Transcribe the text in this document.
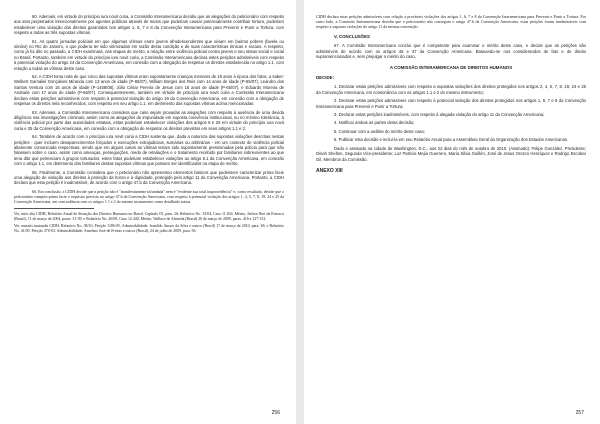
60. Ademais, em virtude do princípio iura novit curia, a Comissão Interamericana decidiu que as alegações do peticionário com respeito aos atos perpetrados intencionalmente por agentes públicos através de meios que poderiam causar potencialmente contribuir tortura, poderiam estabelecer uma violação dos direitos garantidos nos artigos 1, 6, 7 e 8 da Convenção Interamericana para Prevenir e Punir a Tortura, com respeito a todas as três supostas vítimas.

61. As quatro jornadas policiais em que algumas vítimas eram jovens afrodescendentes que viviam em bairros pobres (favela ou similar) no Rio de Janeiro, o que poderia ter sido vitimizadas em razão desta condição e de suas características étnicas e sociais. A respeito, como já foi dito no passado, a CIDH examinará, nas etapas de mérito, a relação entre violência policial contra jovens e seu status social e racial no Brasil. Portanto, também em virtude do princípio iura novit curia, a Comissão Interamericana declara estes petições admissíveis com respeito à potencial violação do artigo 24 da Convenção Americana, em conexão com a obrigação de respeitar os direitos estabelecida no artigo 1.1, com relação a todas as vítimas deste caso.

62. A CIDH toma nota de que cinco das supostas vítimas eram supostamente crianças menores de 18 anos à época dos fatos, a saber: Welbert Gamaliel Gonçalves Miranda com 13 anos de idade (P-65/07), William Borges dos Reis com 14 anos de idade (P-65/07), Leandro dos Santos Ventura com 15 anos de idade (P-1458/08), Júlio César Pereira de Jesus com 16 anos de idade (P-65/07), e Eduardo Moreira de Andrade com 17 anos de idade (P-66/07). Consequentemente, também em virtude do princípio iura novit curia a Comissão Interamericana declara estas petições admissíveis com respeito à potencial violação do artigo 19 da Convenção Americana, em conexão com a obrigação de respeitar os direitos nela reconhecidos, com respeito em seu artigo 1.1, em detrimento das supostas vítimas acima mencionadas.

63. Ademais, a Comissão Interamericana considera que caso sejam provadas as alegações com respeito à ausência de uma devida diligência nas investigações criminais, assim como as alegações de impunidade em suposta conivência institucional, ou no mínimo tolerância, à violência policial por parte das autoridades estatais, estas poderiam estabelecer violações dos artigos 8 e 25 em virtude do princípio iura novit curia e 25 da Convenção Americana, em conexão com a obrigação de respeitar os direitos previstos em seus artigos 1.1 e 2.

64. Também de acordo com o princípio iura novit curia a CIDH sustenta que, dada a natureza das supostas violações descritas nestas petições - quer incluem desaparecimentos forçados e execuções extrajudiciais, sumárias ou arbitrárias - em um contexto de violência policial altamente comunicada respectivas, sendo que em alguns casos as vítimas teriam sido supostamente pressionadas pela polícia para que não falassem sobre o caso, assim como ameaças, perseguições, medo de retaliações e o tratamento recebido por familiares sobreviventes ao que teria dito que pertenciam à grupos torturados, estes fatos poderiam estabelecer violações ao artigo 5.1 da Convenção Americana, em conexão com o artigo 1.1, em detrimento dos familiares destas supostas vítimas que possam ser identificados na etapa de mérito.

65. Finalmente, a Comissão considera que o peticionário não apresentou elementos básicos que pudessem caracterizar prima facie uma alegação de violação aos direitos à proteção da honra e à dignidade, protegido pelo artigo 11 da Convenção Americana. Portanto, a CIDH declara que esta petição é inadmissível, de acordo com o artigo 47.b da Convenção Americana.

66. Em conclusão, a CIDH decide que a petição não é "manifestamente infundada" nem é "evidente sua total improcedência" e, como resultado, decide que o peticionário cumpriu prima facie o requisito previsto no artigo 47.b da Convenção Americana, com respeito à potencial violação dos artigos 1, 4, 5, 7, 8, 19, 24 e 25 da Convenção Americana, em concordância com os artigos 1.1 e 2 do mesmo instrumento como detalhado acima.

Ver, inter alia CIDH, Relatório Anual de Situação dos Direitos Humanos no Brasil, Capítulo IX, para. 26; Relatório No. 33/04, Caso 11.634, Mérito, Jailton Neri da Fonseca (Brasil), 11 de março de 2004, paras. 31-39; e Relatório No. 26/09, Caso 12.440, Mérito, Wallace de Almeida (Brasil) 20 de março de 2009, paras. 416 e 127-152.

Ver, mutatis mutandis CIDH, Relatório No. 38/10, Petição 1186-05, Admissibilidade, Ivanildo Amaro da Silva e outros (Brasil) 17 de março de 2010, para. 48; e Relatório No. 41/09, Petição 370-03, Admissibilidade, Anselmo José de Freitas e outros (Brasil), 24 de julho de 2009, para. 56.

256

CIDH declara estas petições admissíveis com relação a prováveis violações dos artigos 1, 6, 7 e 8 da Convenção Interamericana para Prevenir e Punir a Tortura. Por outro lado, a Comissão Interamericana decidiu que o peticionário não conseguiu o artigo 47.b da Convenção Americana, estas petições foram inadmissíveis com respeito a supostas violações do artigo 11 da mesma convenção.

V. CONCLUSÕES

67. A Comissão Interamericana conclui que é competente para examinar o mérito deste caso, e decide que as petições são admissíveis de acordo com os artigos 46 e 47 da Convenção Americana. Baseando-se nos considerandos de fato e de direito supramencionados e, sem prejulgar o mérito do caso,

A COMISSÃO INTERAMERICANA DE DIREITOS HUMANOS
DECIDE:

1. Declarar estas petições admissíveis com respeito a supostas violações dos direitos protegidos nos artigos 2, 4, 5, 7, 8, 19, 24 e 25 da Convenção Americana, em consonância com os artigos 1.1 e 2 do mesmo instrumento;

2. Declarar estas petições admissíveis com respeito à potencial violação dos direitos protegidos nos artigos 1, 6, 7 e 8 da Convenção Interamericana para Prevenir e Punir a Tortura;

3. Declarar estas petições inadmissíveis, com respeito à alegada violação do artigo 11 da Convenção Americana;

4. Notificar ambas as partes desta decisão;

5. Continuar com a análise do mérito deste caso;

6. Publicar esta decisão e incluí-la em seu Relatório Anual para a Assembleia Geral da Organização dos Estados Americanos.

Dado e assinado na cidade de Washington, D.C., aos 22 dias do mês de outubro de 2010. (Assinado): Felipe González, Presidente; Dinah Shelton, Segunda Vice-presidente; Luz Patricia Mejía Guerrero, María Silvia Guillén, José de Jesus Orozco Henríquez e Rodrigo Escobar Gil, Membros da Comissão.

ANEXO XIII
257
